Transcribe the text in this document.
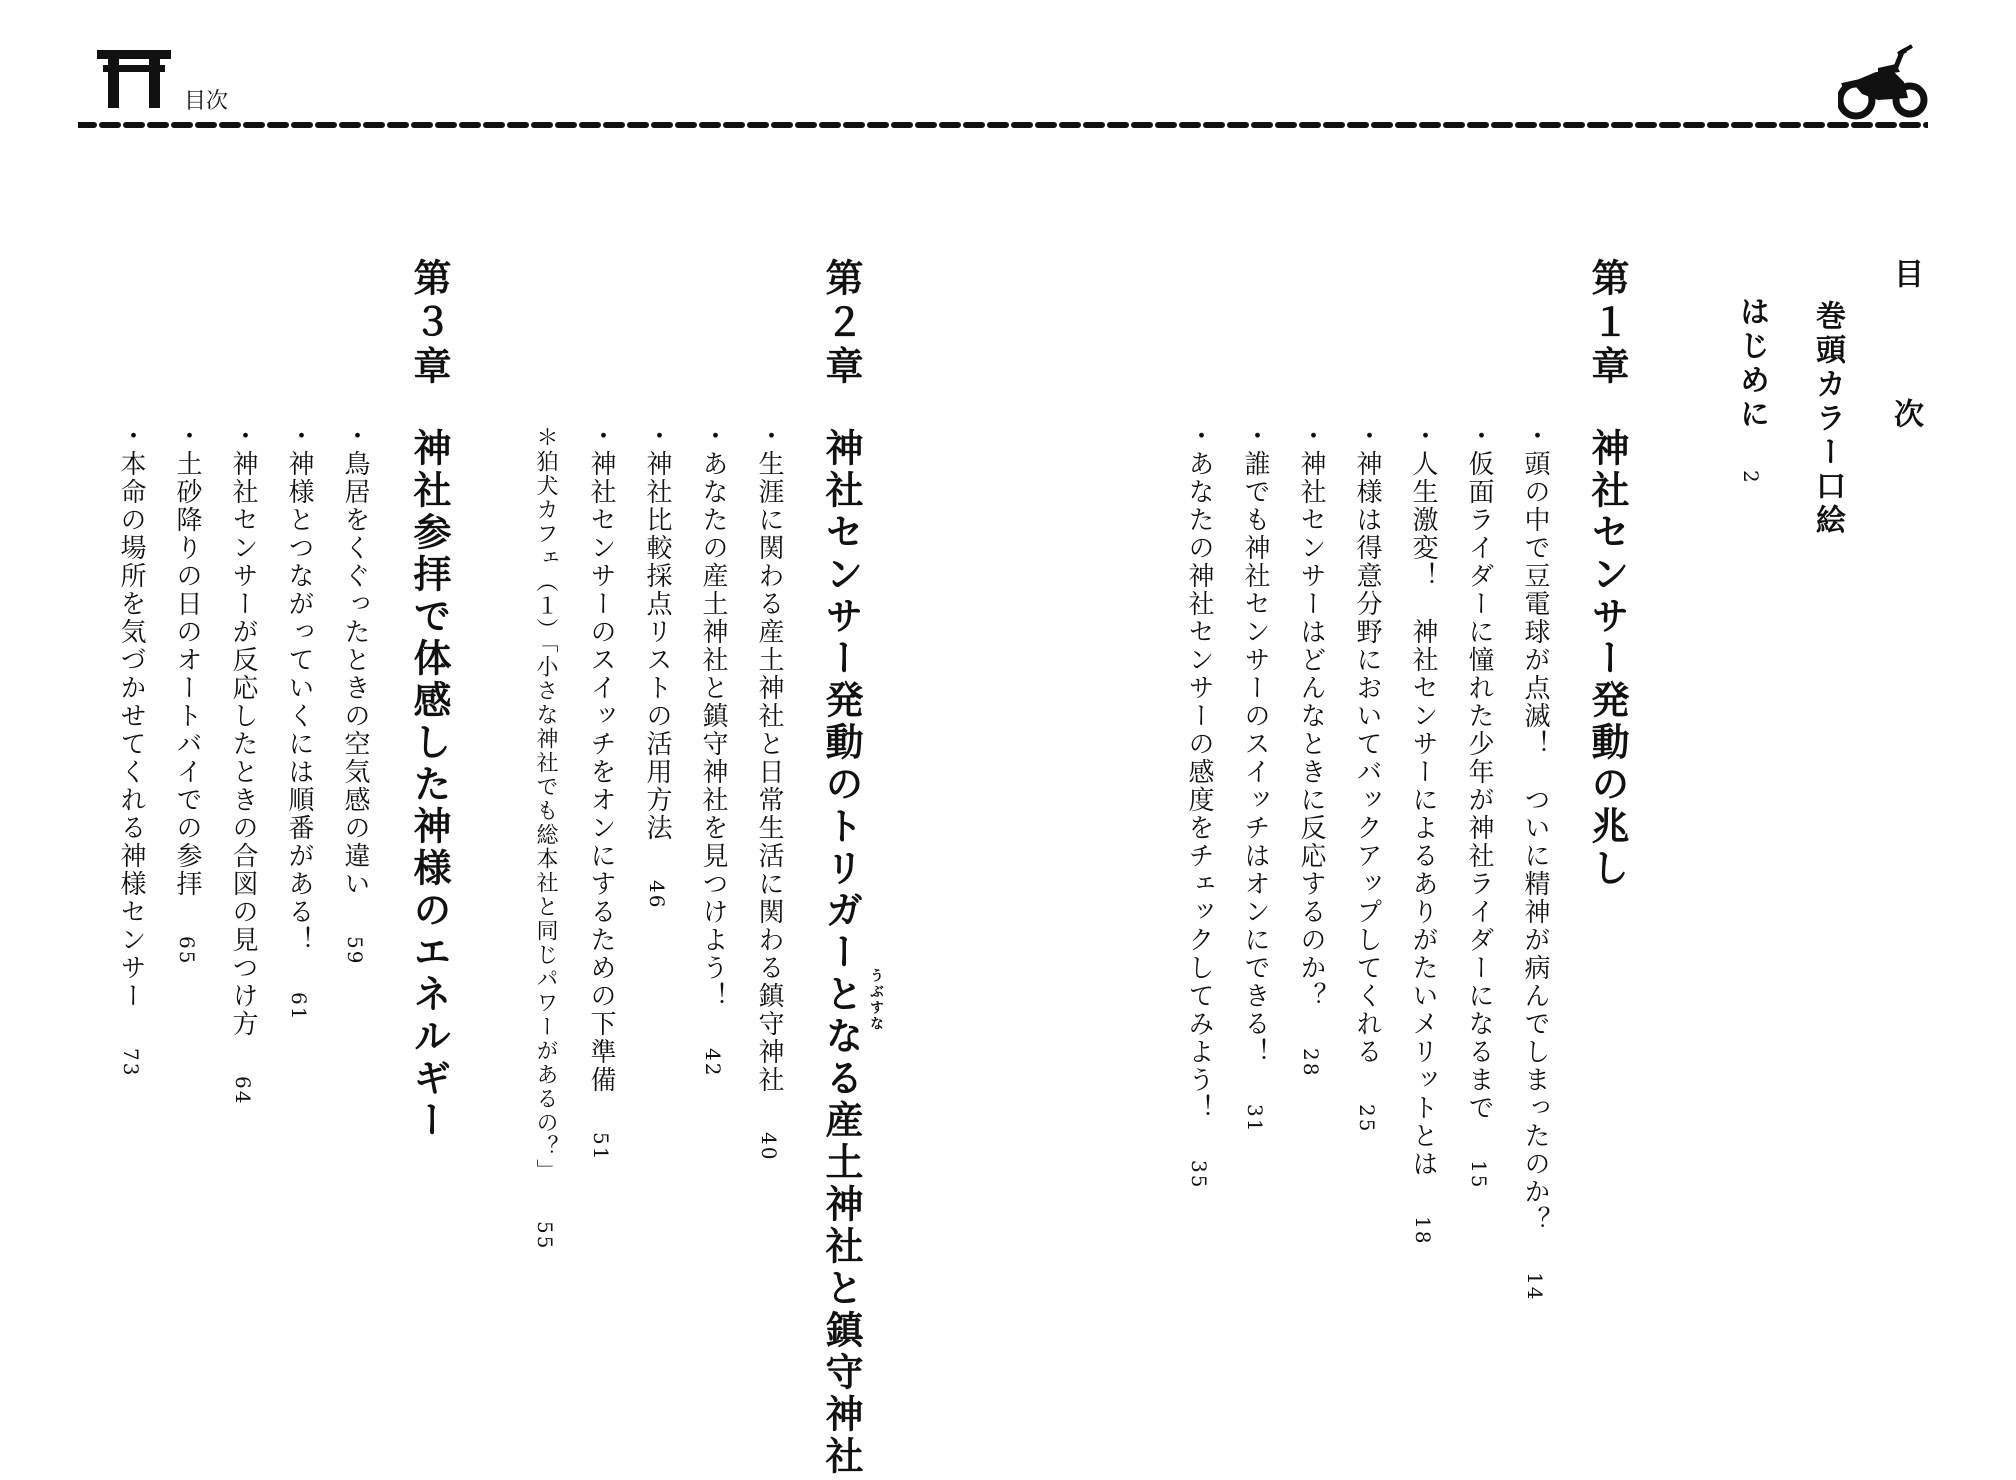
目次
目　次
巻頭カラー口絵
はじめに2
第１章
神社センサー発動の兆し
・頭の中で豆電球が点滅！　ついに精神が病んでしまったのか？14
・仮面ライダーに憧れた少年が神社ライダーになるまで15
・人生激変！　神社センサーによるありがたいメリットとは18
・神様は得意分野においてバックアップしてくれる25
・神社センサーはどんなときに反応するのか？28
・誰でも神社センサーのスイッチはオンにできる！31
・あなたの神社センサーの感度をチェックしてみよう！35
第２章
神社センサー発動のトリガーとなる産土神社と鎮守神社 うぶすな
・生涯に関わる産土神社と日常生活に関わる鎮守神社40
・あなたの産土神社と鎮守神社を見つけよう！42
・神社比較採点リストの活用方法46
・神社センサーのスイッチをオンにするための下準備51
＊狛犬カフェ（１）「小さな神社でも総本社と同じパワーがあるの？」55
第３章
神社参拝で体感した神様のエネルギー
・鳥居をくぐったときの空気感の違い59
・神様とつながっていくには順番がある！61
・神社センサーが反応したときの合図の見つけ方64
・土砂降りの日のオートバイでの参拝65
・本命の場所を気づかせてくれる神様センサー73
